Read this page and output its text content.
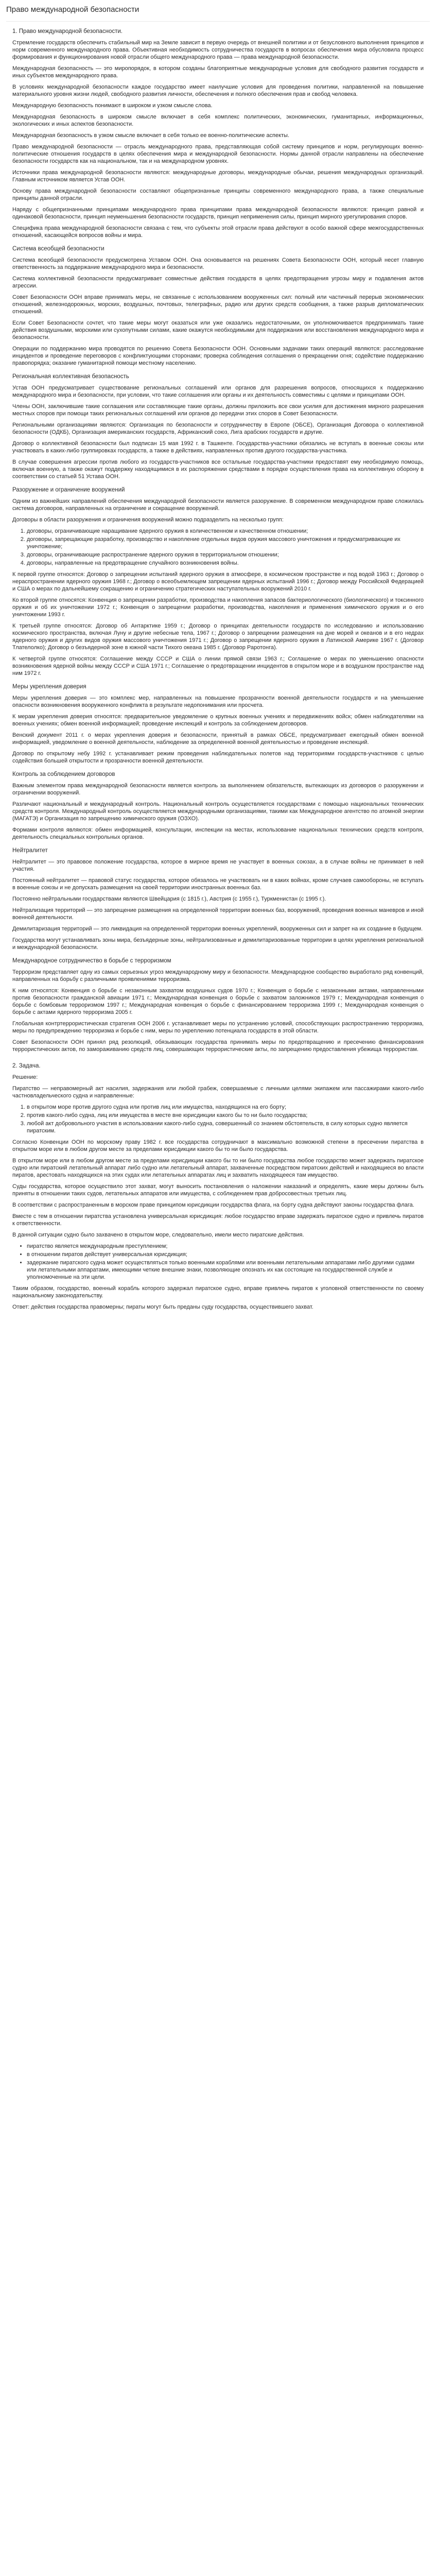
Право международной безопасности
1. Право международной безопасности.

Стремление государств обеспечить стабильный мир на Земле зависит в первую очередь от внешней политики и от безусловного выполнения принципов и норм современного международного права. Объективная необходимость сотрудничества государств в вопросах обеспечения мира обусловила процесс формирования и функционирования новой отрасли общего международного права — права международной безопасности.

Международная безопасность — это миропорядок, в котором созданы благоприятные международные условия для свободного развития государств и иных субъектов международного права.

В условиях международной безопасности каждое государство имеет наилучшие условия для проведения политики, направленной на повышение материального уровня жизни людей, свободного развития личности, обеспечения и полного обеспечения прав и свобод человека.

Международную безопасность понимают в широком и узком смысле слова.

Международная безопасность в широком смысле включает в себя комплекс политических, экономических, гуманитарных, информационных, экологических и иных аспектов безопасности.

Международная безопасность в узком смысле включает в себя только ее военно-политические аспекты.

Право международной безопасности — отрасль международного права, представляющая собой систему принципов и норм, регулирующих военно-политические отношения государств в целях обеспечения мира и международной безопасности. Нормы данной отрасли направлены на обеспечение безопасности государств как на национальном, так и на международном уровнях.

Источники права международной безопасности являются: международные договоры, международные обычаи, решения международных организаций. Главным источником является Устав ООН.

Основу права международной безопасности составляют общепризнанные принципы современного международного права, а также специальные принципы данной отрасли.

Наряду с общепризнанными принципами международного права принципами права международной безопасности являются: принцип равной и одинаковой безопасности, принцип неуменьшения безопасности государств, принцип неприменения силы, принцип мирного урегулирования споров.

Специфика права международной безопасности связана с тем, что субъекты этой отрасли права действуют в особо важной сфере межгосударственных отношений, касающейся вопросов войны и мира.

Система всеобщей безопасности

Система всеобщей безопасности предусмотрена Уставом ООН. Она основывается на решениях Совета Безопасности ООН, который несет главную ответственность за поддержание международного мира и безопасности.

Система коллективной безопасности предусматривает совместные действия государств в целях предотвращения угрозы миру и подавления актов агрессии.

Совет Безопасности ООН вправе принимать меры, не связанные с использованием вооруженных сил: полный или частичный перерыв экономических отношений, железнодорожных, морских, воздушных, почтовых, телеграфных, радио или других средств сообщения, а также разрыв дипломатических отношений.

Если Совет Безопасности сочтет, что такие меры могут оказаться или уже оказались недостаточными, он уполномочивается предпринимать такие действия воздушными, морскими или сухопутными силами, какие окажутся необходимыми для поддержания или восстановления международного мира и безопасности.

Операции по поддержанию мира проводятся по решению Совета Безопасности ООН. Основными задачами таких операций являются: расследование инцидентов и проведение переговоров с конфликтующими сторонами; проверка соблюдения соглашения о прекращении огня; содействие поддержанию правопорядка; оказание гуманитарной помощи местному населению.

Региональная коллективная безопасность

Устав ООН предусматривает существование региональных соглашений или органов для разрешения вопросов, относящихся к поддержанию международного мира и безопасности, при условии, что такие соглашения или органы и их деятельность совместимы с целями и принципами ООН.

Члены ООН, заключившие такие соглашения или составляющие такие органы, должны приложить все свои усилия для достижения мирного разрешения местных споров при помощи таких региональных соглашений или органов до передачи этих споров в Совет Безопасности.

Региональными организациями являются: Организация по безопасности и сотрудничеству в Европе (ОБСЕ), Организация Договора о коллективной безопасности (ОДКБ), Организация американских государств, Африканский союз, Лига арабских государств и другие.

Договор о коллективной безопасности был подписан 15 мая 1992 г. в Ташкенте. Государства-участники обязались не вступать в военные союзы или участвовать в каких-либо группировках государств, а также в действиях, направленных против другого государства-участника.

В случае совершения агрессии против любого из государств-участников все остальные государства-участники предоставят ему необходимую помощь, включая военную, а также окажут поддержку находящимися в их распоряжении средствами в порядке осуществления права на коллективную оборону в соответствии со статьей 51 Устава ООН.

Разоружение и ограничение вооружений

Одним из важнейших направлений обеспечения международной безопасности является разоружение. В современном международном праве сложилась система договоров, направленных на ограничение и сокращение вооружений.

Договоры в области разоружения и ограничения вооружений можно подразделить на несколько групп:

1. договоры, ограничивающие наращивание ядерного оружия в количественном и качественном отношении;
2. договоры, запрещающие разработку, производство и накопление отдельных видов оружия массового уничтожения и предусматривающие их уничтожение;
3. договоры, ограничивающие распространение ядерного оружия в территориальном отношении;
4. договоры, направленные на предотвращение случайного возникновения войны.

К первой группе относятся: Договор о запрещении испытаний ядерного оружия в атмосфере, в космическом пространстве и под водой 1963 г.; Договор о нераспространении ядерного оружия 1968 г.; Договор о всеобъемлющем запрещении ядерных испытаний 1996 г.; Договор между Российской Федерацией и США о мерах по дальнейшему сокращению и ограничению стратегических наступательных вооружений 2010 г.

Ко второй группе относятся: Конвенция о запрещении разработки, производства и накопления запасов бактериологического (биологического) и токсинного оружия и об их уничтожении 1972 г.; Конвенция о запрещении разработки, производства, накопления и применения химического оружия и о его уничтожении 1993 г.

К третьей группе относятся: Договор об Антарктике 1959 г.; Договор о принципах деятельности государств по исследованию и использованию космического пространства, включая Луну и другие небесные тела, 1967 г.; Договор о запрещении размещения на дне морей и океанов и в его недрах ядерного оружия и других видов оружия массового уничтожения 1971 г.; Договор о запрещении ядерного оружия в Латинской Америке 1967 г. (Договор Тлателолко); Договор о безъядерной зоне в южной части Тихого океана 1985 г. (Договор Раротонга).

К четвертой группе относятся: Соглашение между СССР и США о линии прямой связи 1963 г.; Соглашение о мерах по уменьшению опасности возникновения ядерной войны между СССР и США 1971 г.; Соглашение о предотвращении инцидентов в открытом море и в воздушном пространстве над ним 1972 г.

Меры укрепления доверия

Меры укрепления доверия — это комплекс мер, направленных на повышение прозрачности военной деятельности государств и на уменьшение опасности возникновения вооруженного конфликта в результате недопонимания или просчета.

К мерам укрепления доверия относятся: предварительное уведомление о крупных военных учениях и передвижениях войск; обмен наблюдателями на военных учениях; обмен военной информацией; проведение инспекций и контроль за соблюдением договоров.

Венский документ 2011 г. о мерах укрепления доверия и безопасности, принятый в рамках ОБСЕ, предусматривает ежегодный обмен военной информацией, уведомление о военной деятельности, наблюдение за определенной военной деятельностью и проведение инспекций.

Договор по открытому небу 1992 г. устанавливает режим проведения наблюдательных полетов над территориями государств-участников с целью содействия большей открытости и прозрачности военной деятельности.

Контроль за соблюдением договоров

Важным элементом права международной безопасности является контроль за выполнением обязательств, вытекающих из договоров о разоружении и ограничении вооружений.

Различают национальный и международный контроль. Национальный контроль осуществляется государствами с помощью национальных технических средств контроля. Международный контроль осуществляется международными организациями, такими как Международное агентство по атомной энергии (МАГАТЭ) и Организация по запрещению химического оружия (ОЗХО).

Формами контроля являются: обмен информацией, консультации, инспекции на местах, использование национальных технических средств контроля, деятельность специальных контрольных органов.

Нейтралитет

Нейтралитет — это правовое положение государства, которое в мирное время не участвует в военных союзах, а в случае войны не принимает в ней участия.

Постоянный нейтралитет — правовой статус государства, которое обязалось не участвовать ни в каких войнах, кроме случаев самообороны, не вступать в военные союзы и не допускать размещения на своей территории иностранных военных баз.

Постоянно нейтральными государствами являются Швейцария (с 1815 г.), Австрия (с 1955 г.), Туркменистан (с 1995 г.).

Нейтрализация территорий — это запрещение размещения на определенной территории военных баз, вооружений, проведения военных маневров и иной военной деятельности.

Демилитаризация территорий — это ликвидация на определенной территории военных укреплений, вооруженных сил и запрет на их создание в будущем.

Государства могут устанавливать зоны мира, безъядерные зоны, нейтрализованные и демилитаризованные территории в целях укрепления региональной и международной безопасности.

Международное сотрудничество в борьбе с терроризмом

Терроризм представляет одну из самых серьезных угроз международному миру и безопасности. Международное сообщество выработало ряд конвенций, направленных на борьбу с различными проявлениями терроризма.

К ним относятся: Конвенция о борьбе с незаконным захватом воздушных судов 1970 г.; Конвенция о борьбе с незаконными актами, направленными против безопасности гражданской авиации 1971 г.; Международная конвенция о борьбе с захватом заложников 1979 г.; Международная конвенция о борьбе с бомбовым терроризмом 1997 г.; Международная конвенция о борьбе с финансированием терроризма 1999 г.; Международная конвенция о борьбе с актами ядерного терроризма 2005 г.

Глобальная контртеррористическая стратегия ООН 2006 г. устанавливает меры по устранению условий, способствующих распространению терроризма, меры по предупреждению терроризма и борьбе с ним, меры по укреплению потенциала государств в этой области.

Совет Безопасности ООН принял ряд резолюций, обязывающих государства принимать меры по предотвращению и пресечению финансирования террористических актов, по замораживанию средств лиц, совершающих террористические акты, по запрещению предоставления убежища террористам.

2. Задача.

Решение:

Пиратство — неправомерный акт насилия, задержания или любой грабеж, совершаемые с личными целями экипажем или пассажирами какого-либо частновладельческого судна и направленные:

1. в открытом море против другого судна или против лиц или имущества, находящихся на его борту;
2. против какого-либо судна, лиц или имущества в месте вне юрисдикции какого бы то ни было государства;
3. любой акт добровольного участия в использовании какого-либо судна, совершенный со знанием обстоятельств, в силу которых судно является пиратским.

Согласно Конвенции ООН по морскому праву 1982 г. все государства сотрудничают в максимально возможной степени в пресечении пиратства в открытом море или в любом другом месте за пределами юрисдикции какого бы то ни было государства.

В открытом море или в любом другом месте за пределами юрисдикции какого бы то ни было государства любое государство может задержать пиратское судно или пиратский летательный аппарат либо судно или летательный аппарат, захваченные посредством пиратских действий и находящиеся во власти пиратов, арестовать находящихся на этих судах или летательных аппаратах лиц и захватить находящееся там имущество.

Суды государства, которое осуществило этот захват, могут выносить постановления о наложении наказаний и определять, какие меры должны быть приняты в отношении таких судов, летательных аппаратов или имущества, с соблюдением прав добросовестных третьих лиц.

В соответствии с распространенным в морском праве принципом юрисдикции государства флага, на борту судна действуют законы государства флага.

Вместе с тем в отношении пиратства установлена универсальная юрисдикция: любое государство вправе задержать пиратское судно и привлечь пиратов к ответственности.

В данной ситуации судно было захвачено в открытом море, следовательно, имели место пиратские действия.

• пиратство является международным преступлением;
• в отношении пиратов действует универсальная юрисдикция;
• задержание пиратского судна может осуществляться только военными кораблями или военными летательными аппаратами либо другими судами или летательными аппаратами, имеющими четкие внешние знаки, позволяющие опознать их как состоящие на государственной службе и уполномоченные на эти цели.

Таким образом, государство, военный корабль которого задержал пиратское судно, вправе привлечь пиратов к уголовной ответственности по своему национальному законодательству.

Ответ: действия государства правомерны; пираты могут быть преданы суду государства, осуществившего захват.
